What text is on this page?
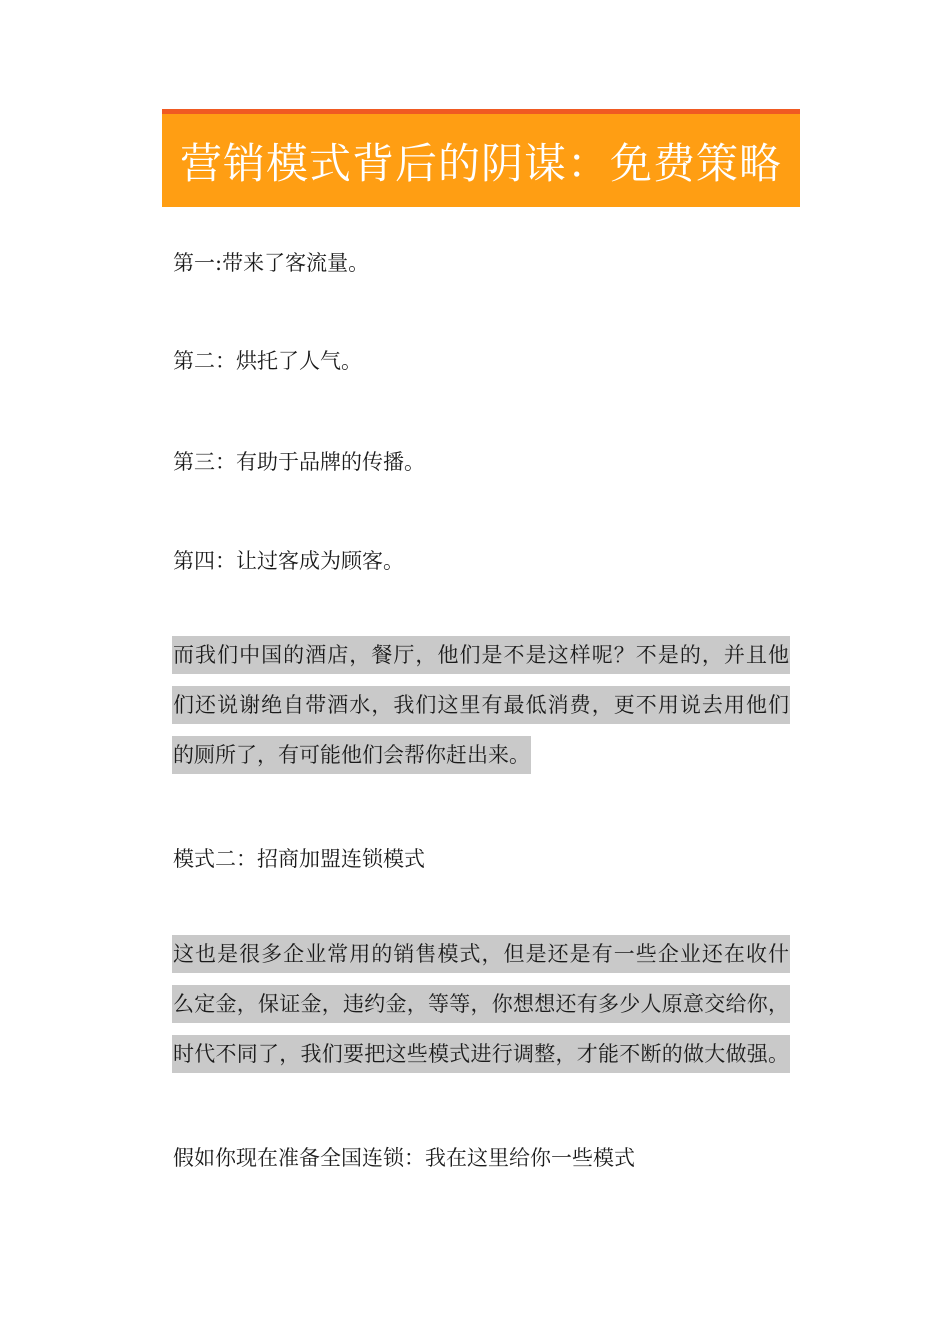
营销模式背后的阴谋：免费策略
第一:带来了客流量。
第二：烘托了人气。
第三：有助于品牌的传播。
第四：让过客成为顾客。
而我们中国的酒店，餐厅，他们是不是这样呢？不是的，并且他
们还说谢绝自带酒水，我们这里有最低消费，更不用说去用他们
的厕所了，有可能他们会帮你赶出来。
模式二：招商加盟连锁模式
这也是很多企业常用的销售模式，但是还是有一些企业还在收什
么定金，保证金，违约金，等等，你想想还有多少人原意交给你，
时代不同了，我们要把这些模式进行调整，才能不断的做大做强。
假如你现在准备全国连锁：我在这里给你一些模式
